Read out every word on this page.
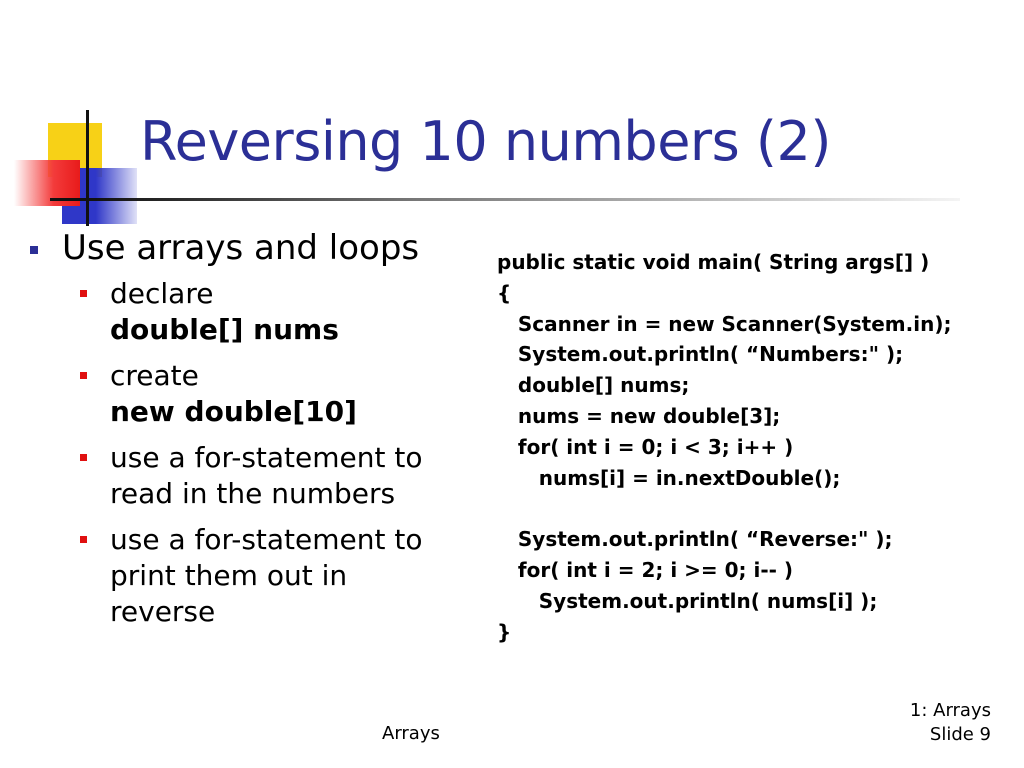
Reversing 10 numbers (2)
Use arrays and loops
declare
double[] nums
create
new double[10]
use a for-statement to read in the numbers
use a for-statement to print them out in reverse
public static void main( String args[] )
{
Scanner in = new Scanner(System.in);
System.out.println( “Numbers:" );
double[] nums;
nums = new double[3];
for( int i = 0; i < 3; i++ )
nums[i] = in.nextDouble();
System.out.println( “Reverse:" );
for( int i = 2; i >= 0; i-- )
System.out.println( nums[i] );
}
Arrays
1: Arrays
Slide 9
